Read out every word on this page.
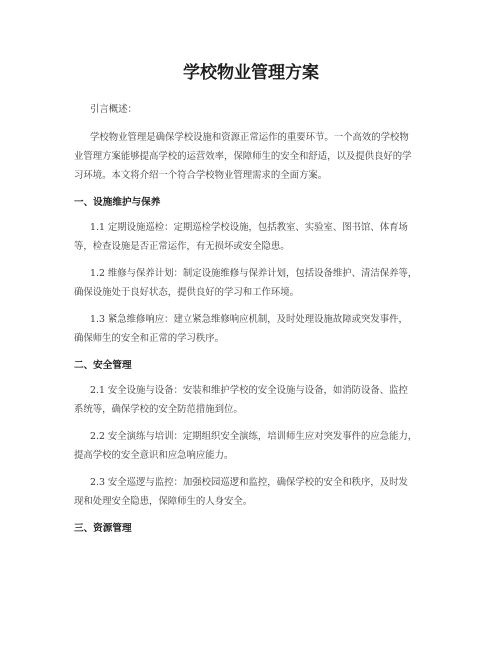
学校物业管理方案

引言概述：

学校物业管理是确保学校设施和资源正常运作的重要环节。一个高效的学校物
业管理方案能够提高学校的运营效率，保障师生的安全和舒适，以及提供良好的学
习环境。本文将介绍一个符合学校物业管理需求的全面方案。

一、设施维护与保养

1.1 定期设施巡检：定期巡检学校设施，包括教室、实验室、图书馆、体育场
等，检查设施是否正常运作，有无损坏或安全隐患。

1.2 维修与保养计划：制定设施维修与保养计划，包括设备维护、清洁保养等，
确保设施处于良好状态，提供良好的学习和工作环境。

1.3 紧急维修响应：建立紧急维修响应机制，及时处理设施故障或突发事件，
确保师生的安全和正常的学习秩序。

二、安全管理

2.1 安全设施与设备：安装和维护学校的安全设施与设备，如消防设备、监控
系统等，确保学校的安全防范措施到位。

2.2 安全演练与培训：定期组织安全演练，培训师生应对突发事件的应急能力，
提高学校的安全意识和应急响应能力。

2.3 安全巡逻与监控：加强校园巡逻和监控，确保学校的安全和秩序，及时发
现和处理安全隐患，保障师生的人身安全。

三、资源管理
